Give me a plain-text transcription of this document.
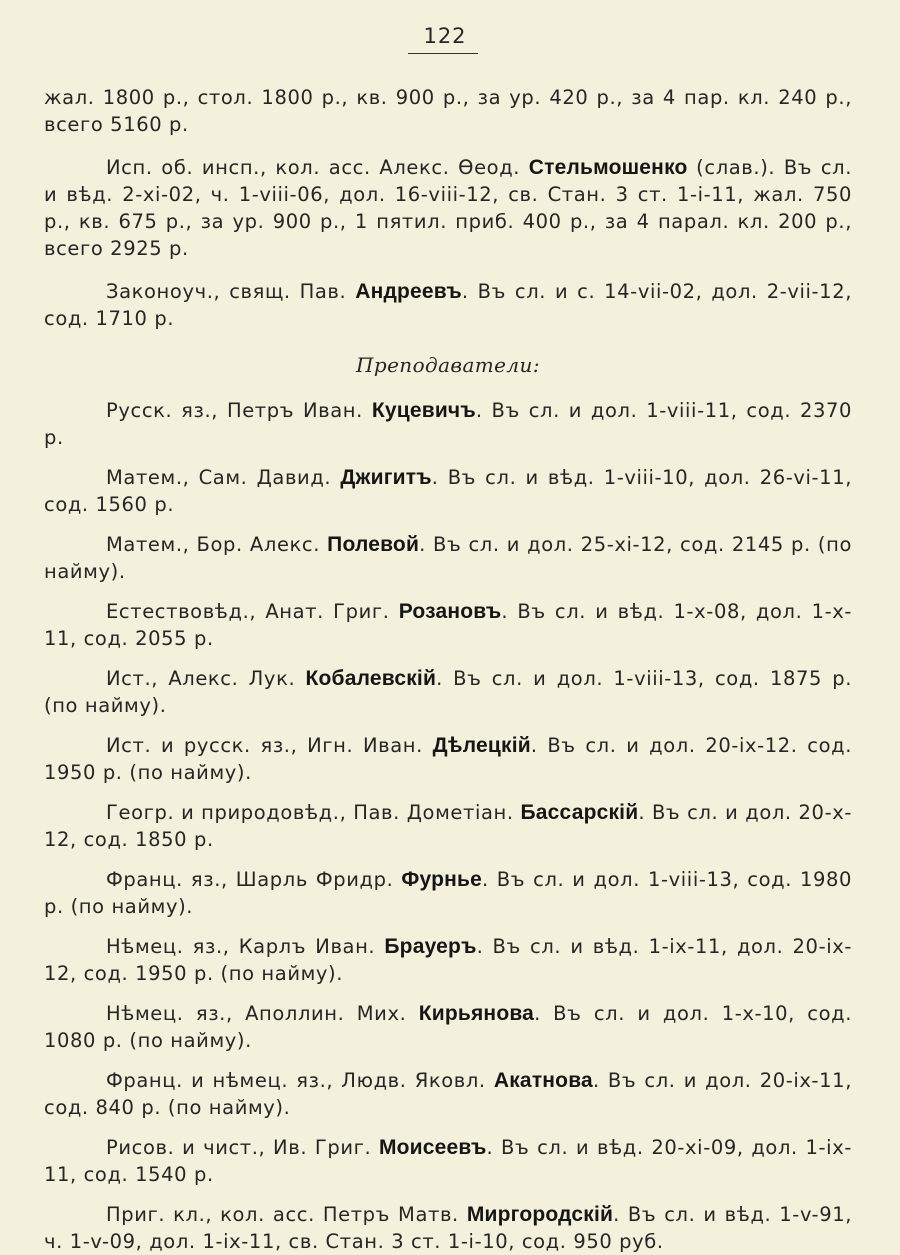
122

жал. 1800 р., стол. 1800 р., кв. 900 р., за ур. 420 р., за 4 пар. кл. 240 р., всего 5160 р.

Исп. об. инсп., кол. асс. Алекс. Ѳеод. Стельмошенко (слав.). Въ сл. и вѣд. 2-xi-02, ч. 1-viii-06, дол. 16-viii-12, св. Стан. 3 ст. 1-i-11, жал. 750 р., кв. 675 р., за ур. 900 р., 1 пятил. приб. 400 р., за 4 парал. кл. 200 р., всего 2925 р.

Законоуч., свящ. Пав. Андреевъ. Въ сл. и с. 14-vii-02, дол. 2-vii-12, сод. 1710 р.

Преподаватели:

Русск. яз., Петръ Иван. Куцевичъ. Въ сл. и дол. 1-viii-11, сод. 2370 р.

Матем., Сам. Давид. Джигитъ. Въ сл. и вѣд. 1-viii-10, дол. 26-vi-11, сод. 1560 р.

Матем., Бор. Алекс. Полевой. Въ сл. и дол. 25-xi-12, сод. 2145 р. (по найму).

Естествовѣд., Анат. Григ. Розановъ. Въ сл. и вѣд. 1-x-08, дол. 1-x-11, сод. 2055 р.

Ист., Алекс. Лук. Кобалевскій. Въ сл. и дол. 1-viii-13, сод. 1875 р. (по найму).

Ист. и русск. яз., Игн. Иван. Дѣлецкій. Въ сл. и дол. 20-ix-12. сод. 1950 р. (по найму).

Геогр. и природовѣд., Пав. Дометіан. Бассарскій. Въ сл. и дол. 20-x-12, сод. 1850 р.

Франц. яз., Шарль Фридр. Фурнье. Въ сл. и дол. 1-viii-13, сод. 1980 р. (по найму).

Нѣмец. яз., Карлъ Иван. Брауеръ. Въ сл. и вѣд. 1-ix-11, дол. 20-ix-12, сод. 1950 р. (по найму).

Нѣмец. яз., Аполлин. Мих. Кирьянова. Въ сл. и дол. 1-x-10, сод. 1080 р. (по найму).

Франц. и нѣмец. яз., Людв. Яковл. Акатнова. Въ сл. и дол. 20-ix-11, сод. 840 р. (по найму).

Рисов. и чист., Ив. Григ. Моисеевъ. Въ сл. и вѣд. 20-xi-09, дол. 1-ix-11, сод. 1540 р.

Приг. кл., кол. асс. Петръ Матв. Миргородскій. Въ сл. и вѣд. 1-v-91, ч. 1-v-09, дол. 1-ix-11, св. Стан. 3 ст. 1-i-10, сод. 950 руб.
